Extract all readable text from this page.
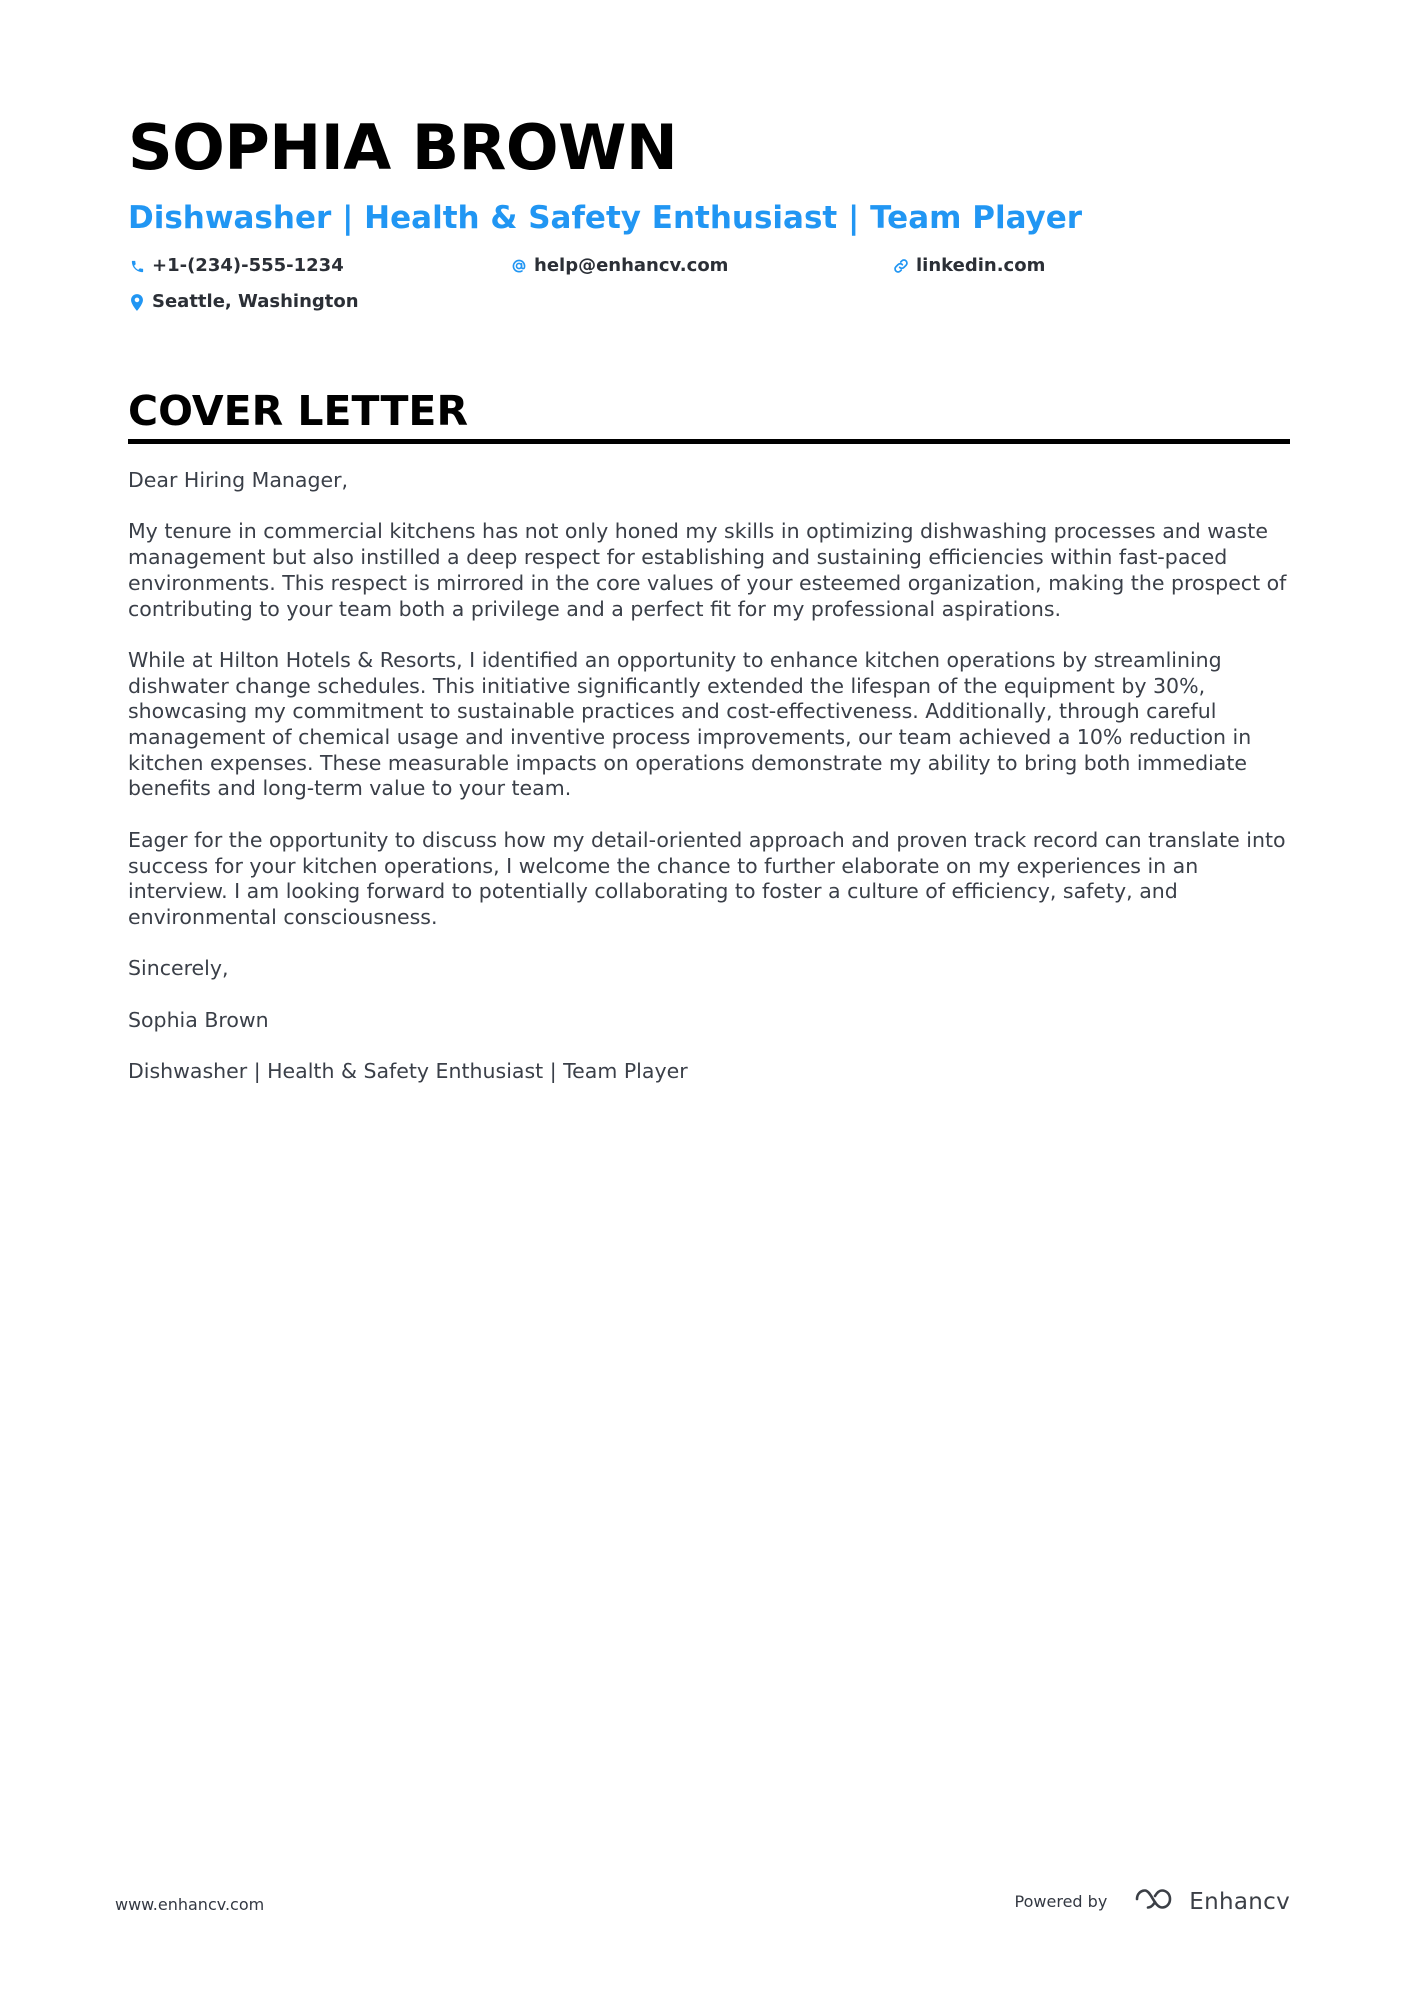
SOPHIA BROWN
Dishwasher | Health & Safety Enthusiast | Team Player
+1-(234)-555-1234	help@enhancv.com	linkedin.com
Seattle, Washington
COVER LETTER

Dear Hiring Manager,

My tenure in commercial kitchens has not only honed my skills in optimizing dishwashing processes and waste management but also instilled a deep respect for establishing and sustaining efficiencies within fast-paced environments. This respect is mirrored in the core values of your esteemed organization, making the prospect of contributing to your team both a privilege and a perfect fit for my professional aspirations.

While at Hilton Hotels & Resorts, I identified an opportunity to enhance kitchen operations by streamlining dishwater change schedules. This initiative significantly extended the lifespan of the equipment by 30%, showcasing my commitment to sustainable practices and cost-effectiveness. Additionally, through careful management of chemical usage and inventive process improvements, our team achieved a 10% reduction in kitchen expenses. These measurable impacts on operations demonstrate my ability to bring both immediate benefits and long-term value to your team.

Eager for the opportunity to discuss how my detail-oriented approach and proven track record can translate into success for your kitchen operations, I welcome the chance to further elaborate on my experiences in an interview. I am looking forward to potentially collaborating to foster a culture of efficiency, safety, and environmental consciousness.

Sincerely,

Sophia Brown

Dishwasher | Health & Safety Enthusiast | Team Player

www.enhancv.com	Powered by	Enhancv
